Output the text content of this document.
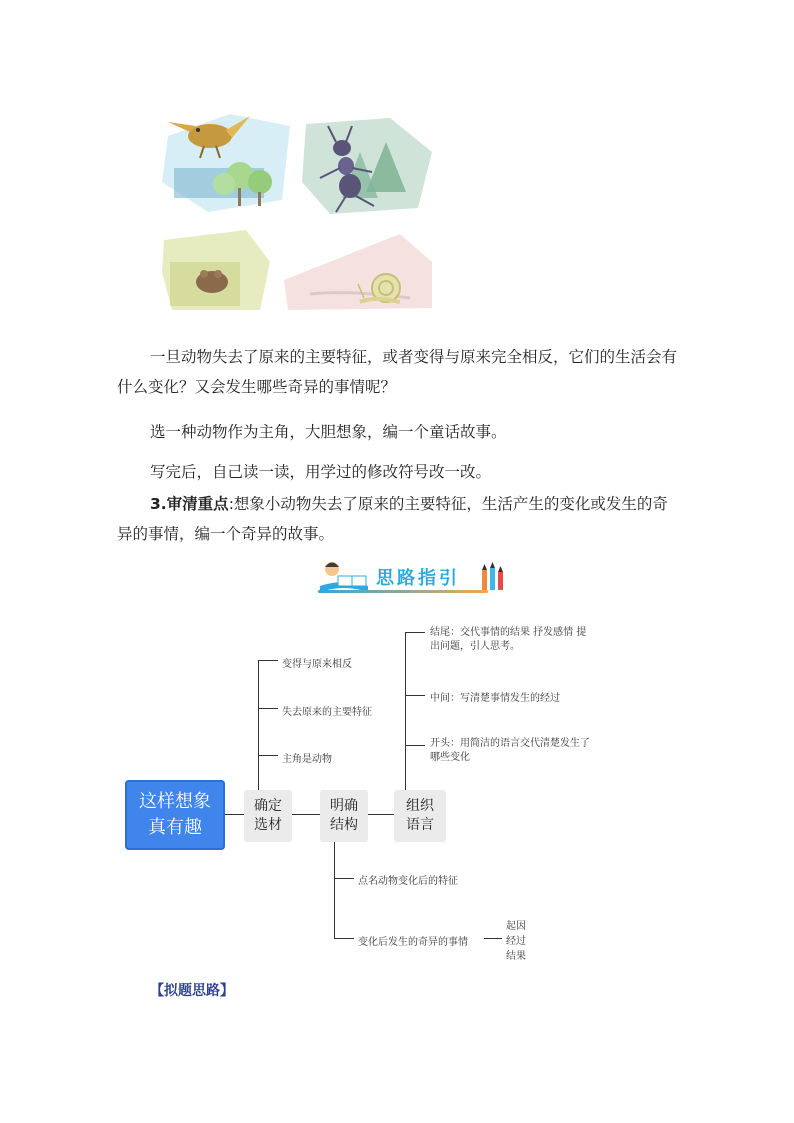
一旦动物失去了原来的主要特征，或者变得与原来完全相反，它们的生活会有什么变化？又会发生哪些奇异的事情呢？
选一种动物作为主角，大胆想象，编一个童话故事。
写完后，自己读一读，用学过的修改符号改一改。
3.审清重点:想象小动物失去了原来的主要特征，生活产生的变化或发生的奇异的事情，编一个奇异的故事。
思路指引
这样想象真有趣
确定选材
明确结构
组织语言
变得与原来相反
失去原来的主要特征
主角是动物
点名动物变化后的特征
变化后发生的奇异的事情
起因
经过
结果
结尾：交代事情的结果 抒发感情 提出问题，引人思考。
中间：写清楚事情发生的经过
开头：用简洁的语言交代清楚发生了哪些变化
【拟题思路】
